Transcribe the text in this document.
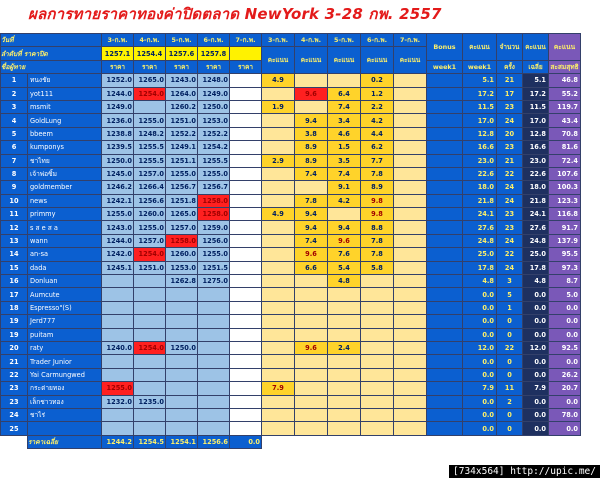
ผลการทายราคาทองค่าปิดตลาด NewYork 3-28 กพ. 2557
วันที่		3-ก.พ.	4-ก.พ.	5-ก.พ.	6-ก.พ.	7-ก.พ.	3-ก.พ.	4-ก.พ.	5-ก.พ.	6-ก.พ.	7-ก.พ.	Bonus	คะแนน	จำนวน	คะแนน	คะแนน
ลำดับที่ ราคาปิด		1257.1	1254.4	1257.6	1257.8		คะแนน	คะแนน	คะแนน	คะแนน	คะแนน					
ชื่อผู้ทาย		ราคา	ราคา	ราคา	ราคา	ราคา						week1	week1	ครั้ง	เฉลี่ย	สะสมสุทธิ
1	ทนงชัย	1252.0	1265.0	1243.0	1248.0		4.9			0.2			5.1	21	5.1	46.8
2	yot111	1244.0	1254.0	1264.0	1249.0			9.6	6.4	1.2			17.2	17	17.2	55.2
3	msmit	1249.0		1260.2	1250.0		1.9		7.4	2.2			11.5	23	11.5	119.7
4	GoldLung	1236.0	1255.0	1251.0	1253.0			9.4	3.4	4.2			17.0	24	17.0	43.4
5	bbeem	1238.8	1248.2	1252.2	1252.2			3.8	4.6	4.4			12.8	20	12.8	70.8
6	kumponys	1239.5	1255.5	1249.1	1254.2			8.9	1.5	6.2			16.6	23	16.6	81.6
7	ชาไทย	1250.0	1255.5	1251.1	1255.5		2.9	8.9	3.5	7.7			23.0	21	23.0	72.4
8	เจ้าพ่อซิ้ม	1245.0	1257.0	1255.0	1255.0			7.4	7.4	7.8			22.6	22	22.6	107.6
9	goldmember	1246.2	1266.4	1256.7	1256.7				9.1	8.9			18.0	24	18.0	100.3
10	news	1242.1	1256.6	1251.8	1258.0			7.8	4.2	9.8			21.8	24	21.8	123.3
11	primmy	1255.0	1260.0	1265.0	1258.0		4.9	9.4		9.8			24.1	23	24.1	116.8
12	s ส e ส a	1243.0	1255.0	1257.0	1259.0			9.4	9.4	8.8			27.6	23	27.6	91.7
13	wann	1244.0	1257.0	1258.0	1256.0			7.4	9.6	7.8			24.8	24	24.8	137.9
14	an-sa	1242.0	1254.0	1260.0	1255.0			9.6	7.6	7.8			25.0	22	25.0	95.5
15	dada	1245.1	1251.0	1253.0	1251.5			6.6	5.4	5.8			17.8	24	17.8	97.3
16	Donluan			1262.8	1275.0				4.8				4.8	3	4.8	8.7
17	Aumcute												0.0	5	0.0	5.0
18	Espresso"(S)												0.0	1	0.0	0.0
19	Jerd777												0.0	0	0.0	0.0
19	puitam												0.0	0	0.0	0.0
20	raty	1240.0	1254.0	1250.0				9.6	2.4				12.0	22	12.0	92.5
21	Trader Junior												0.0	0	0.0	0.0
22	Yai Carmungwed												0.0	0	0.0	26.2
23	กระต่ายทอง	1255.0					7.9						7.9	11	7.9	20.7
23	เล็กชาวทอง	1232.0	1235.0										0.0	2	0.0	0.0
24	ชาไร่												0.0	0	0.0	78.0
25													0.0	0	0.0	0.0
	ราคาเฉลี่ย	1244.2	1254.5	1254.1	1256.6	0.0										
[734x564] http://upic.me/
